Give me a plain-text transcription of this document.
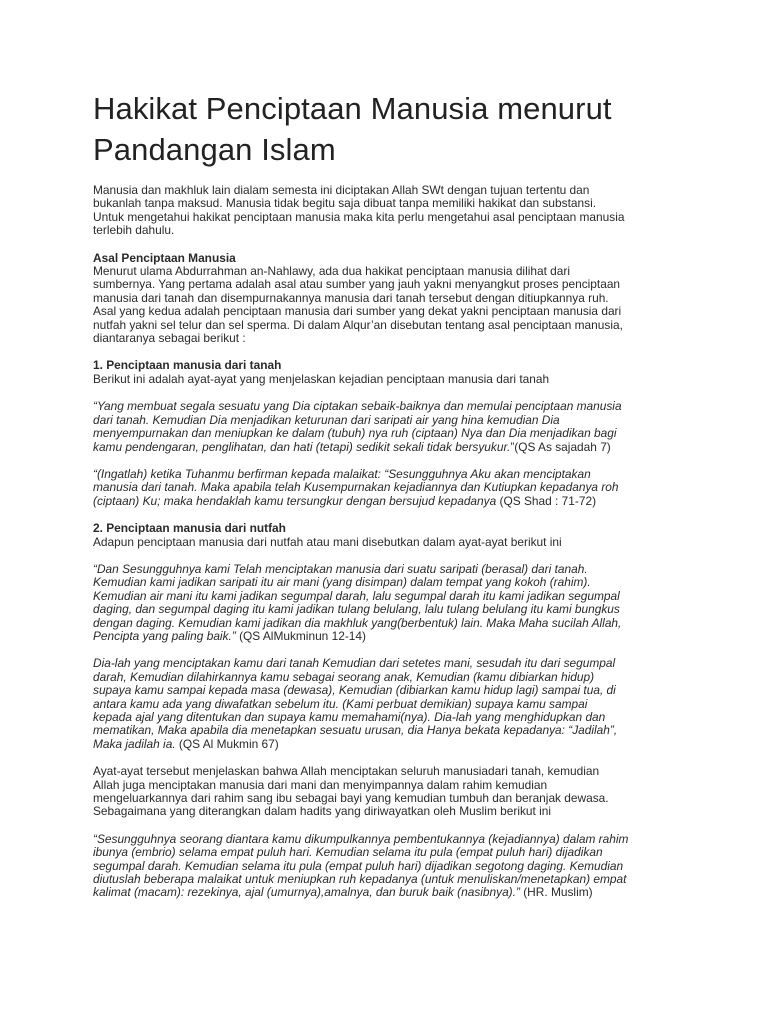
Hakikat Penciptaan Manusia menurut Pandangan Islam

Manusia dan makhluk lain dialam semesta ini diciptakan Allah SWt dengan tujuan tertentu dan
bukanlah tanpa maksud. Manusia tidak begitu saja dibuat tanpa memiliki hakikat dan substansi.
Untuk mengetahui hakikat penciptaan manusia maka kita perlu mengetahui asal penciptaan manusia
terlebih dahulu.

Asal Penciptaan Manusia

Menurut ulama Abdurrahman an-Nahlawy, ada dua hakikat penciptaan manusia dilihat dari
sumbernya. Yang pertama adalah asal atau sumber yang jauh yakni menyangkut proses penciptaan
manusia dari tanah dan disempurnakannya manusia dari tanah tersebut dengan ditiupkannya ruh.
Asal yang kedua adalah penciptaan manusia dari sumber yang dekat yakni penciptaan manusia dari
nutfah yakni sel telur dan sel sperma. Di dalam Alqur’an disebutan tentang asal penciptaan manusia,
diantaranya sebagai berikut :

1. Penciptaan manusia dari tanah

Berikut ini adalah ayat-ayat yang menjelaskan kejadian penciptaan manusia dari tanah

“Yang membuat segala sesuatu yang Dia ciptakan sebaik-baiknya dan memulai penciptaan manusia
dari tanah. Kemudian Dia menjadikan keturunan dari saripati air yang hina kemudian Dia
menyempurnakan dan meniupkan ke dalam (tubuh) nya ruh (ciptaan) Nya dan Dia menjadikan bagi
kamu pendengaran, penglihatan, dan hati (tetapi) sedikit sekali tidak bersyukur.”(QS As sajadah 7)

“(Ingatlah) ketika Tuhanmu berfirman kepada malaikat: “Sesungguhnya Aku akan menciptakan
manusia dari tanah. Maka apabila telah Kusempurnakan kejadiannya dan Kutiupkan kepadanya roh
(ciptaan) Ku; maka hendaklah kamu tersungkur dengan bersujud kepadanya (QS Shad : 71-72)

2. Penciptaan manusia dari nutfah

Adapun penciptaan manusia dari nutfah atau mani disebutkan dalam ayat-ayat berikut ini

“Dan Sesungguhnya kami Telah menciptakan manusia dari suatu saripati (berasal) dari tanah.
Kemudian kami jadikan saripati itu air mani (yang disimpan) dalam tempat yang kokoh (rahim).
Kemudian air mani itu kami jadikan segumpal darah, lalu segumpal darah itu kami jadikan segumpal
daging, dan segumpal daging itu kami jadikan tulang belulang, lalu tulang belulang itu kami bungkus
dengan daging. Kemudian kami jadikan dia makhluk yang(berbentuk) lain. Maka Maha sucilah Allah,
Pencipta yang paling baik.” (QS AlMukminun 12-14)

Dia-lah yang menciptakan kamu dari tanah Kemudian dari setetes mani, sesudah itu dari segumpal
darah, Kemudian dilahirkannya kamu sebagai seorang anak, Kemudian (kamu dibiarkan hidup)
supaya kamu sampai kepada masa (dewasa), Kemudian (dibiarkan kamu hidup lagi) sampai tua, di
antara kamu ada yang diwafatkan sebelum itu. (Kami perbuat demikian) supaya kamu sampai
kepada ajal yang ditentukan dan supaya kamu memahami(nya). Dia-lah yang menghidupkan dan
mematikan, Maka apabila dia menetapkan sesuatu urusan, dia Hanya bekata kepadanya: “Jadilah”,
Maka jadilah ia. (QS Al Mukmin 67)

Ayat-ayat tersebut menjelaskan bahwa Allah menciptakan seluruh manusiadari tanah, kemudian
Allah juga menciptakan manusia dari mani dan menyimpannya dalam rahim kemudian
mengeluarkannya dari rahim sang ibu sebagai bayi yang kemudian tumbuh dan beranjak dewasa.
Sebagaimana yang diterangkan dalam hadits yang diriwayatkan oleh Muslim berikut ini

“Sesungguhnya seorang diantara kamu dikumpulkannya pembentukannya (kejadiannya) dalam rahim
ibunya (embrio) selama empat puluh hari. Kemudian selama itu pula (empat puluh hari) dijadikan
segumpal darah. Kemudian selama itu pula (empat puluh hari) dijadikan segotong daging. Kemudian
diutuslah beberapa malaikat untuk meniupkan ruh kepadanya (untuk menuliskan/menetapkan) empat
kalimat (macam): rezekinya, ajal (umurnya),amalnya, dan buruk baik (nasibnya).” (HR. Muslim)
